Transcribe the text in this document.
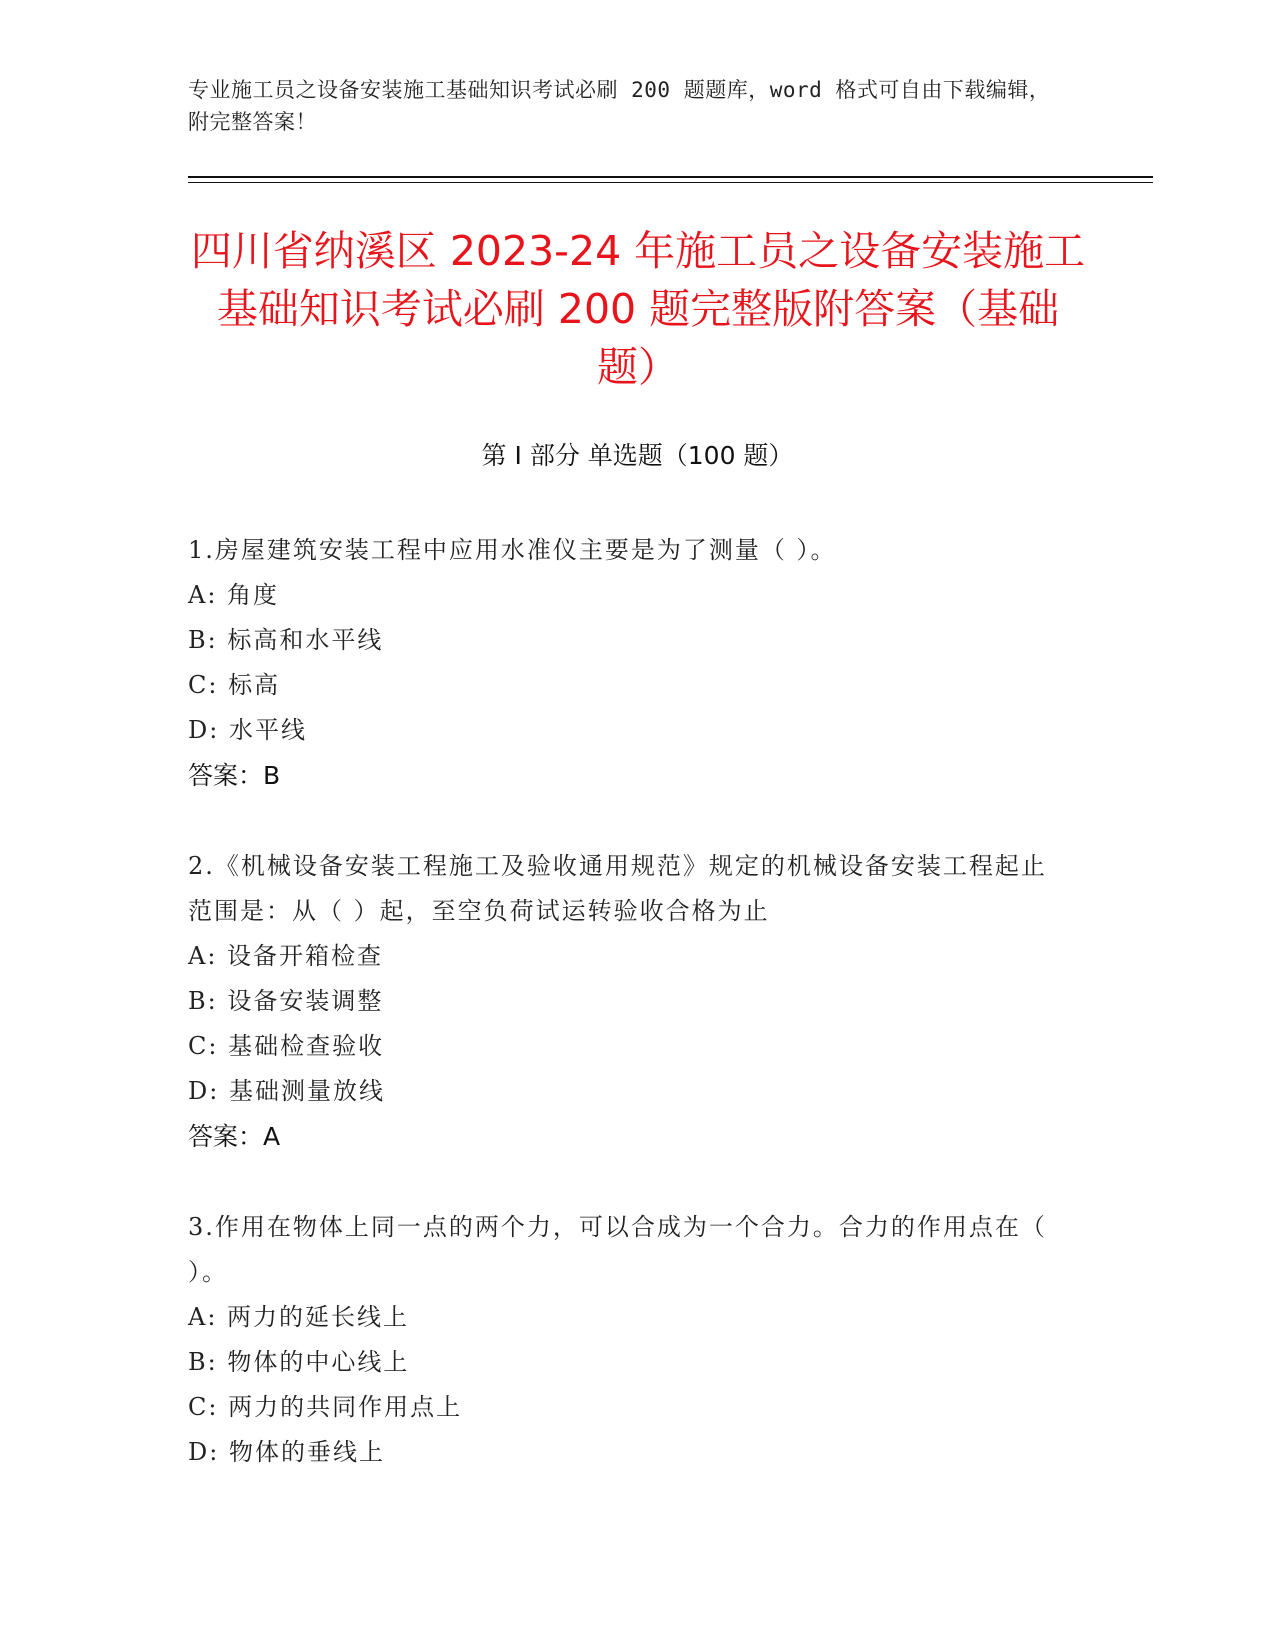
专业施工员之设备安装施工基础知识考试必刷 200 题题库，word 格式可自由下载编辑，附完整答案！
四川省纳溪区 2023-24 年施工员之设备安装施工基础知识考试必刷 200 题完整版附答案（基础题）
第 I 部分 单选题（100 题）
1.房屋建筑安装工程中应用水准仪主要是为了测量（ ）。
A: 角度
B: 标高和水平线
C: 标高
D: 水平线
答案：B
2.《机械设备安装工程施工及验收通用规范》规定的机械设备安装工程起止范围是：从（ ）起，至空负荷试运转验收合格为止
A: 设备开箱检查
B: 设备安装调整
C: 基础检查验收
D: 基础测量放线
答案：A
3.作用在物体上同一点的两个力，可以合成为一个合力。合力的作用点在（ ）。
A: 两力的延长线上
B: 物体的中心线上
C: 两力的共同作用点上
D: 物体的垂线上
